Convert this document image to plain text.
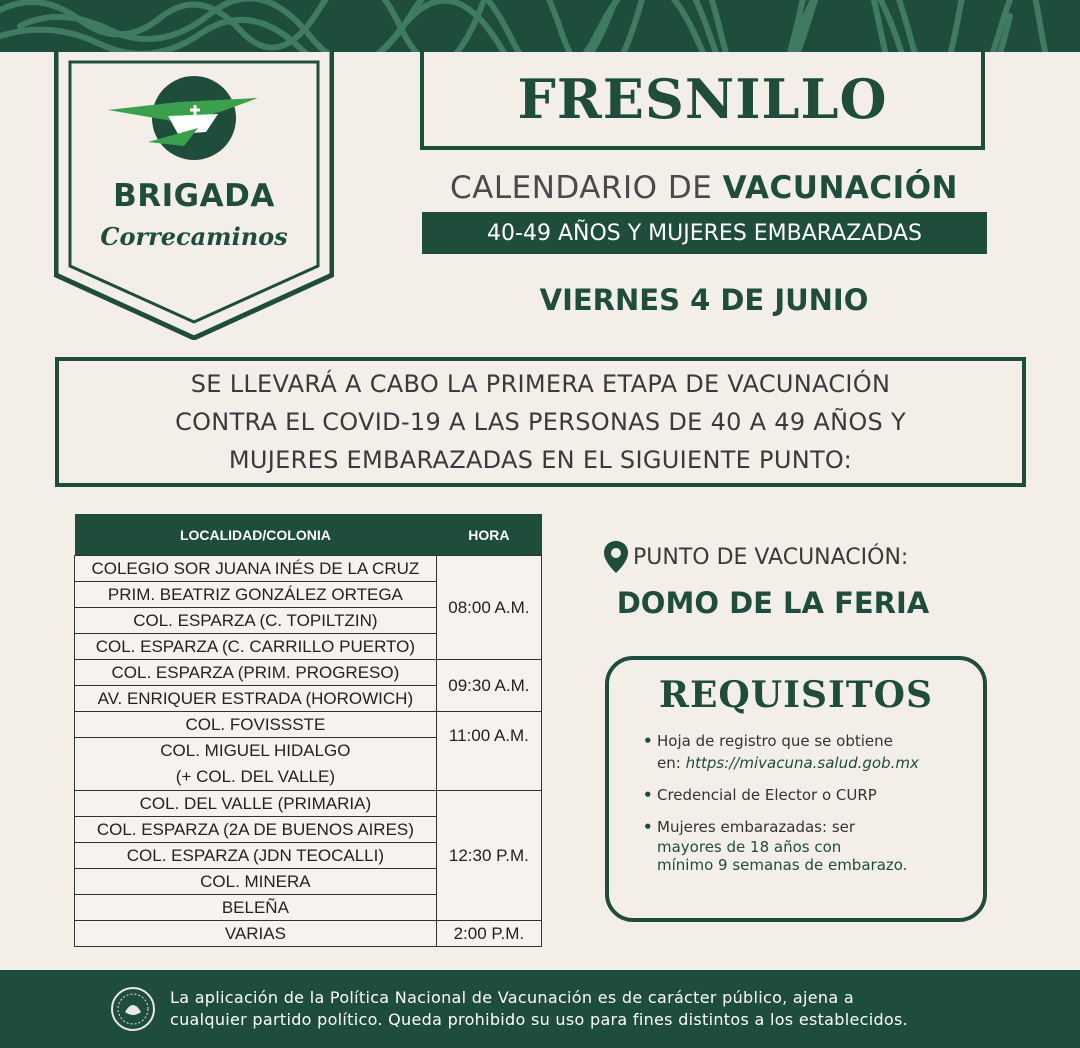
BRIGADA
Correcaminos
FRESNILLO
CALENDARIO DE VACUNACIÓN
40-49 AÑOS Y MUJERES EMBARAZADAS
VIERNES 4 DE JUNIO
SE LLEVARÁ A CABO LA PRIMERA ETAPA DE VACUNACIÓN
CONTRA EL COVID-19 A LAS PERSONAS DE 40 A 49 AÑOS Y
MUJERES EMBARAZADAS EN EL SIGUIENTE PUNTO:
LOCALIDAD/COLONIA	HORA
COLEGIO SOR JUANA INÉS DE LA CRUZ	08:00 A.M.
PRIM. BEATRIZ GONZÁLEZ ORTEGA	
COL. ESPARZA (C. TOPILTZIN)	
COL. ESPARZA (C. CARRILLO PUERTO)	
COL. ESPARZA (PRIM. PROGRESO)	09:30 A.M.
AV. ENRIQUER ESTRADA (HOROWICH)	
COL. FOVISSSTE	11:00 A.M.
COL. MIGUEL HIDALGO
(+ COL. DEL VALLE)	
COL. DEL VALLE (PRIMARIA)	12:30 P.M.
COL. ESPARZA (2A DE BUENOS AIRES)	
COL. ESPARZA (JDN TEOCALLI)	
COL. MINERA	
BELEÑA	
VARIAS	2:00 P.M.
PUNTO DE VACUNACIÓN:
DOMO DE LA FERIA
REQUISITOS
• Hoja de registro que se obtiene
en: https://mivacuna.salud.gob.mx
• Credencial de Elector o CURP
• Mujeres embarazadas: ser
mayores de 18 años con
mínimo 9 semanas de embarazo.
La aplicación de la Política Nacional de Vacunación es de carácter público, ajena a
cualquier partido político. Queda prohibido su uso para fines distintos a los establecidos.
